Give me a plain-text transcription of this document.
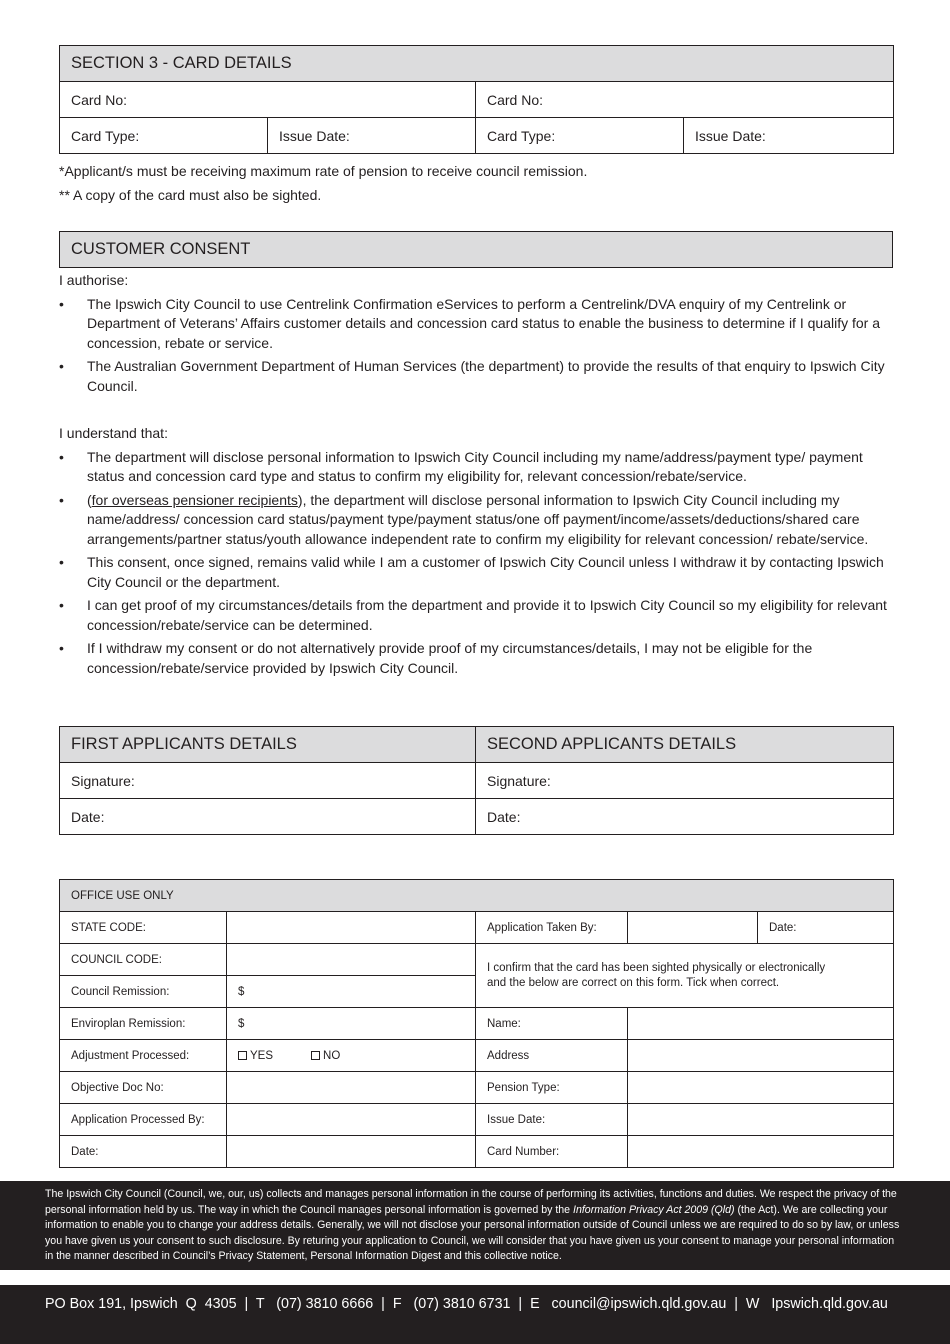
SECTION 3 - CARD DETAILS			
Card No:		Card No:	
Card Type:	Issue Date:	Card Type:	Issue Date:
*Applicant/s must be receiving maximum rate of pension to receive council remission.
** A copy of the card must also be sighted.
CUSTOMER CONSENT
I authorise:
• The Ipswich City Council to use Centrelink Confirmation eServices to perform a Centrelink/DVA enquiry of my Centrelink or Department of Veterans’ Affairs customer details and concession card status to enable the business to determine if I qualify for a concession, rebate or service.
• The Australian Government Department of Human Services (the department) to provide the results of that enquiry to Ipswich City Council.
I understand that:
• The department will disclose personal information to Ipswich City Council including my name/address/payment type/ payment status and concession card type and status to confirm my eligibility for, relevant concession/rebate/service.
• (for overseas pensioner recipients), the department will disclose personal information to Ipswich City Council including my name/address/ concession card status/payment type/payment status/one off payment/income/assets/deductions/shared care arrangements/partner status/youth allowance independent rate to confirm my eligibility for relevant concession/ rebate/service.
• This consent, once signed, remains valid while I am a customer of Ipswich City Council unless I withdraw it by contacting Ipswich City Council or the department.
• I can get proof of my circumstances/details from the department and provide it to Ipswich City Council so my eligibility for relevant concession/rebate/service can be determined.
• If I withdraw my consent or do not alternatively provide proof of my circumstances/details, I may not be eligible for the concession/rebate/service provided by Ipswich City Council.
FIRST APPLICANTS DETAILS	SECOND APPLICANTS DETAILS
Signature:	Signature:
Date:	Date:
OFFICE USE ONLY				
STATE CODE:		Application Taken By:		Date:
COUNCIL CODE:		I confirm that the card has been sighted physically or electronically
and the below are correct on this form. Tick when correct.		

Council Remission:	$			
Enviroplan Remission:	$	Name:		
Adjustment Processed:	YES NO	Address		
Objective Doc No:		Pension Type:		
Application Processed By:		Issue Date:		
Date:		Card Number:		
The Ipswich City Council (Council, we, our, us) collects and manages personal information in the course of performing its activities, functions and duties. We respect the privacy of the personal information held by us. The way in which the Council manages personal information is governed by the Information Privacy Act 2009 (Qld) (the Act). We are collecting your information to enable you to change your address details. Generally, we will not disclose your personal information outside of Council unless we are required to do so by law, or unless you have given us your consent to such disclosure. By returing your application to Council, we will consider that you have given us your consent to manage your personal information in the manner described in Council’s Privacy Statement, Personal Information Digest and this collective notice.
PO Box 191, Ipswich  Q  4305  |  T   (07) 3810 6666  |  F   (07) 3810 6731  |  E   council@ipswich.qld.gov.au  |  W   Ipswich.qld.gov.au
